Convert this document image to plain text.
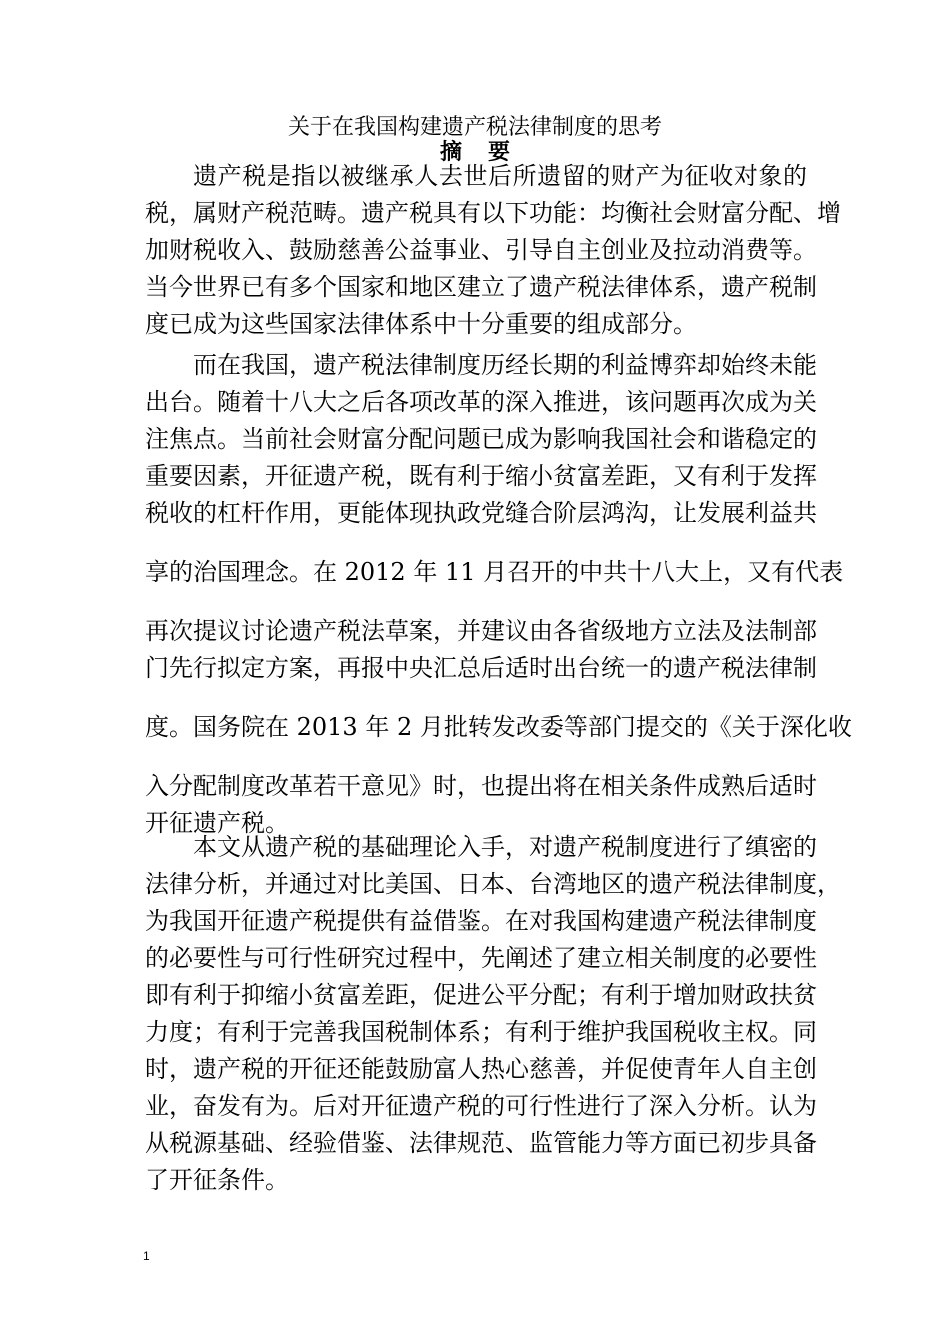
关于在我国构建遗产税法律制度的思考
摘要
遗产税是指以被继承人去世后所遗留的财产为征收对象的
税，属财产税范畴。遗产税具有以下功能：均衡社会财富分配、增
加财税收入、鼓励慈善公益事业、引导自主创业及拉动消费等。
当今世界已有多个国家和地区建立了遗产税法律体系，遗产税制
度已成为这些国家法律体系中十分重要的组成部分。
而在我国，遗产税法律制度历经长期的利益博弈却始终未能
出台。随着十八大之后各项改革的深入推进，该问题再次成为关
注焦点。当前社会财富分配问题已成为影响我国社会和谐稳定的
重要因素，开征遗产税，既有利于缩小贫富差距，又有利于发挥
税收的杠杆作用，更能体现执政党缝合阶层鸿沟，让发展利益共
享的治国理念。在 2012 年 11 月召开的中共十八大上，又有代表
再次提议讨论遗产税法草案，并建议由各省级地方立法及法制部
门先行拟定方案，再报中央汇总后适时出台统一的遗产税法律制
度。国务院在 2013 年 2 月批转发改委等部门提交的《关于深化收
入分配制度改革若干意见》时，也提出将在相关条件成熟后适时
开征遗产税。
本文从遗产税的基础理论入手，对遗产税制度进行了缜密的
法律分析，并通过对比美国、日本、台湾地区的遗产税法律制度，
为我国开征遗产税提供有益借鉴。在对我国构建遗产税法律制度
的必要性与可行性研究过程中，先阐述了建立相关制度的必要性
即有利于抑缩小贫富差距，促进公平分配；有利于增加财政扶贫
力度；有利于完善我国税制体系；有利于维护我国税收主权。同
时，遗产税的开征还能鼓励富人热心慈善，并促使青年人自主创
业，奋发有为。后对开征遗产税的可行性进行了深入分析。认为
从税源基础、经验借鉴、法律规范、监管能力等方面已初步具备
了开征条件。
1
